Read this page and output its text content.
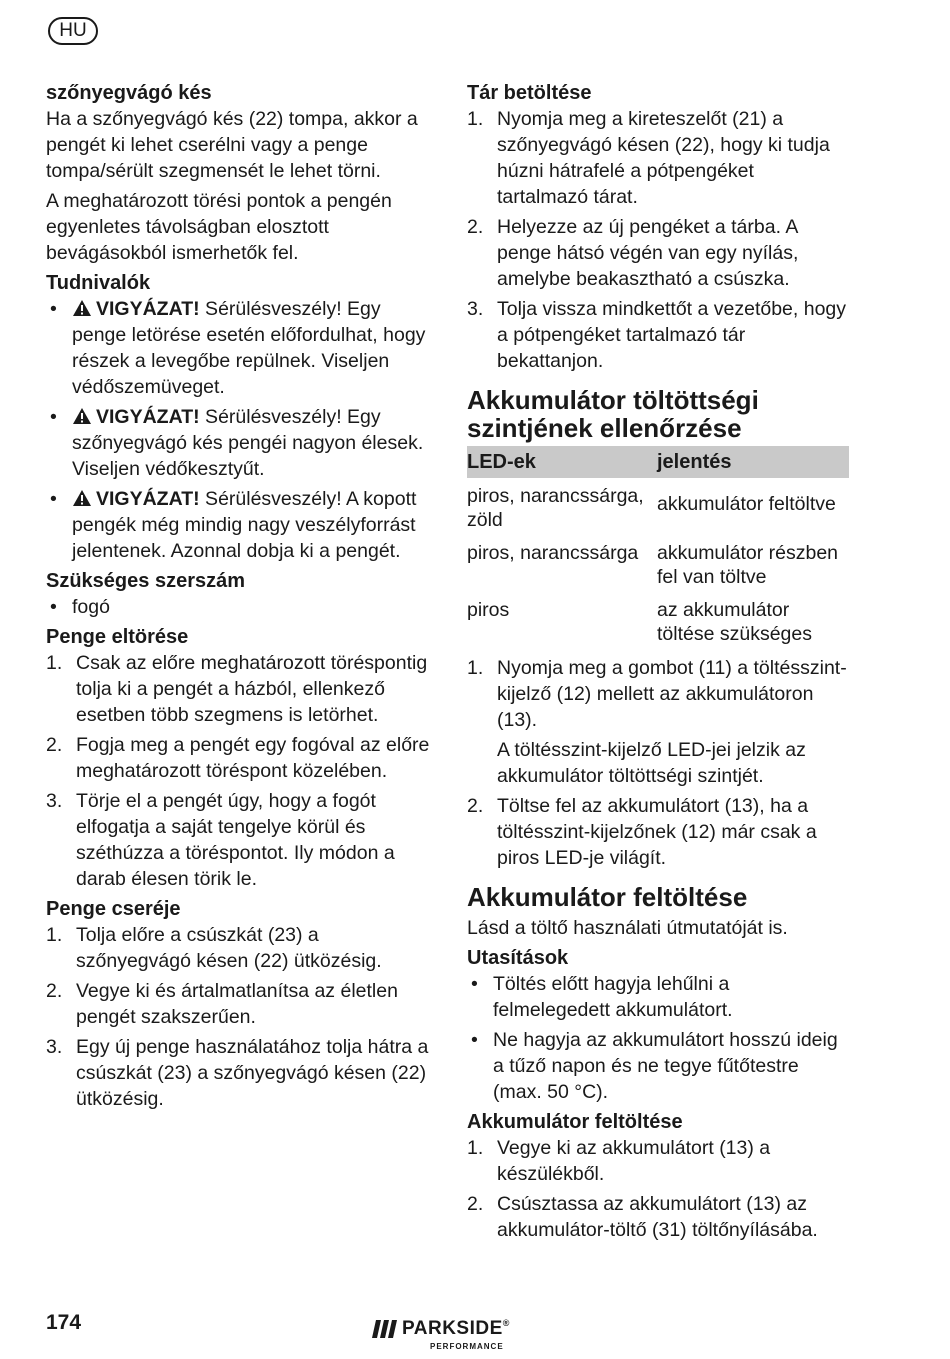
HU
szőnyegvágó kés

Ha a szőnyegvágó kés (22) tompa, akkor a pengét ki lehet cserélni vagy a penge tompa/sérült szegmensét le lehet törni.

A meghatározott törési pontok a pengén egyenletes távolságban elosztott bevágásokból ismerhetők fel.

Tudnivalók
• VIGYÁZAT! Sérülésveszély! Egy penge letörése esetén előfordulhat, hogy részek a levegőbe repülnek. Viseljen védőszemüveget.
• VIGYÁZAT! Sérülésveszély! Egy szőnyegvágó kés pengéi nagyon élesek. Viseljen védőkesztyűt.
• VIGYÁZAT! Sérülésveszély! A kopott pengék még mindig nagy veszélyforrást jelentenek. Azonnal dobja ki a pengét.
Szükséges szerszám
• fogó
Penge eltörése
1. Csak az előre meghatározott töréspontig tolja ki a pengét a házból, ellenkező esetben több szegmens is letörhet.
2. Fogja meg a pengét egy fogóval az előre meghatározott töréspont közelében.
3. Törje el a pengét úgy, hogy a fogót elfogatja a saját tengelye körül és széthúzza a töréspontot. Ily módon a darab élesen törik le.
Penge cseréje
1. Tolja előre a csúszkát (23) a szőnyegvágó késen (22) ütközésig.
2. Vegye ki és ártalmatlanítsa az életlen pengét szakszerűen.
3. Egy új penge használatához tolja hátra a csúszkát (23) a szőnyegvágó késen (22) ütközésig.
Tár betöltése
1. Nyomja meg a kireteszelőt (21) a szőnyegvágó késen (22), hogy ki tudja húzni hátrafelé a pótpengéket tartalmazó tárat.
2. Helyezze az új pengéket a tárba. A penge hátsó végén van egy nyílás, amelybe beakasztható a csúszka.
3. Tolja vissza mindkettőt a vezetőbe, hogy a pótpengéket tartalmazó tár bekattanjon.
Akkumulátor töltöttségi szintjének ellenőrzése
LED-ek	jelentés
piros, narancssárga, zöld	akkumulátor feltöltve
piros, narancssárga	akkumulátor részben fel van töltve
piros	az akkumulátor töltése szükséges
1. Nyomja meg a gombot (11) a töltésszint-kijelző (12) mellett az akkumulátoron (13).
A töltésszint-kijelző LED-jei jelzik az akkumulátor töltöttségi szintjét.
2. Töltse fel az akkumulátort (13), ha a töltésszint-kijelzőnek (12) már csak a piros LED-je világít.
Akkumulátor feltöltése

Lásd a töltő használati útmutatóját is.

Utasítások
• Töltés előtt hagyja lehűlni a felmelegedett akkumulátort.
• Ne hagyja az akkumulátort hosszú ideig a tűző napon és ne tegye fűtőtestre (max. 50 °C).
Akkumulátor feltöltése
1. Vegye ki az akkumulátort (13) a készülékből.
2. Csúsztassa az akkumulátort (13) az akkumulátor-töltő (31) töltőnyílásába.
174	PARKSIDE®
PERFORMANCE
